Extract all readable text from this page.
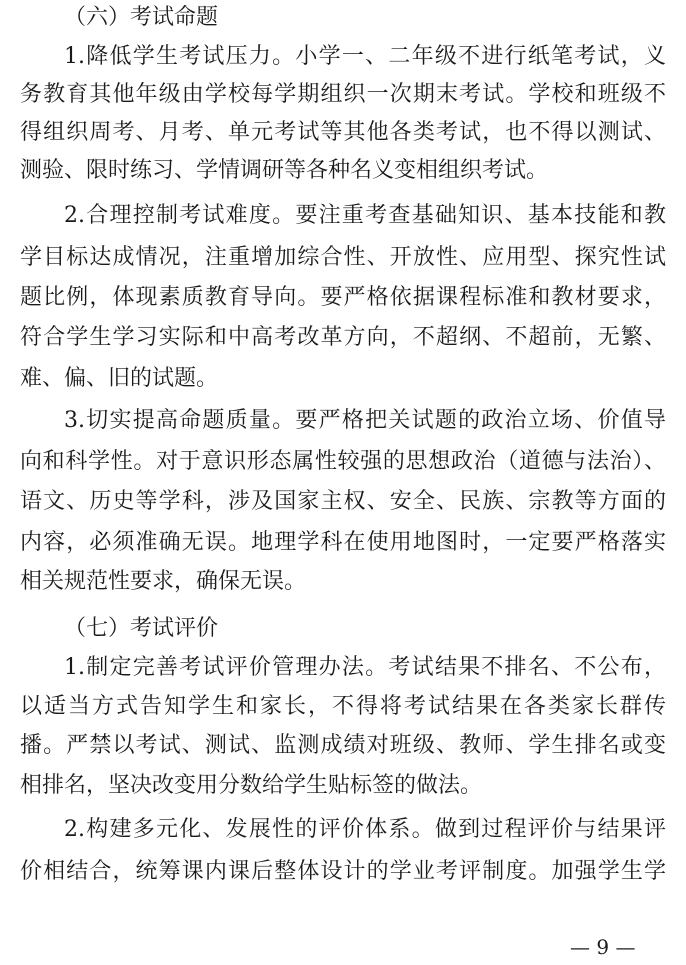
（六）考试命题
1.降低学生考试压力。小学一、二年级不进行纸笔考试，义
务教育其他年级由学校每学期组织一次期末考试。学校和班级不
得组织周考、月考、单元考试等其他各类考试，也不得以测试、
测验、限时练习、学情调研等各种名义变相组织考试。
2.合理控制考试难度。要注重考查基础知识、基本技能和教
学目标达成情况，注重增加综合性、开放性、应用型、探究性试
题比例，体现素质教育导向。要严格依据课程标准和教材要求，
符合学生学习实际和中高考改革方向，不超纲、不超前，无繁、
难、偏、旧的试题。
3.切实提高命题质量。要严格把关试题的政治立场、价值导
向和科学性。对于意识形态属性较强的思想政治（道德与法治）、
语文、历史等学科，涉及国家主权、安全、民族、宗教等方面的
内容，必须准确无误。地理学科在使用地图时，一定要严格落实
相关规范性要求，确保无误。
（七）考试评价
1.制定完善考试评价管理办法。考试结果不排名、不公布，
以适当方式告知学生和家长，不得将考试结果在各类家长群传
播。严禁以考试、测试、监测成绩对班级、教师、学生排名或变
相排名，坚决改变用分数给学生贴标签的做法。
2.构建多元化、发展性的评价体系。做到过程评价与结果评
价相结合，统筹课内课后整体设计的学业考评制度。加强学生学
— 9 —
